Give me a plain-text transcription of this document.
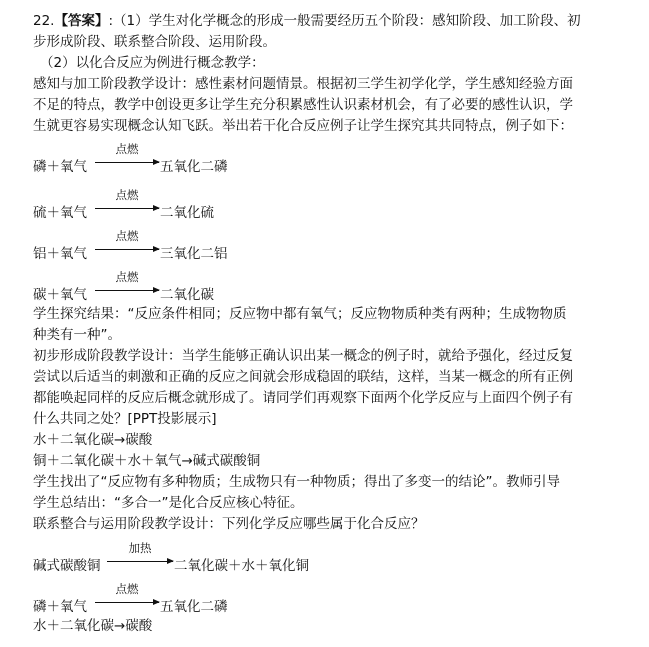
22.【答案】:（1）学生对化学概念的形成一般需要经历五个阶段：感知阶段、加工阶段、初
步形成阶段、联系整合阶段、运用阶段。
（2）以化合反应为例进行概念教学：
感知与加工阶段教学设计：感性素材问题情景。根据初三学生初学化学，学生感知经验方面
不足的特点，教学中创设更多让学生充分积累感性认识素材机会，有了必要的感性认识，学
生就更容易实现概念认知飞跃。举出若干化合反应例子让学生探究其共同特点，例子如下：
磷＋氧气
点燃
五氧化二磷
硫＋氧气
点燃
二氧化硫
铝＋氧气
点燃
三氧化二铝
碳＋氧气
点燃
二氧化碳
学生探究结果：“反应条件相同；反应物中都有氧气；反应物物质种类有两种；生成物物质
种类有一种”。
初步形成阶段教学设计：当学生能够正确认识出某一概念的例子时，就给予强化，经过反复
尝试以后适当的刺激和正确的反应之间就会形成稳固的联结，这样，当某一概念的所有正例
都能唤起同样的反应后概念就形成了。请同学们再观察下面两个化学反应与上面四个例子有
什么共同之处？[PPT投影展示]
水＋二氧化碳→碳酸
铜＋二氧化碳＋水＋氧气→碱式碳酸铜
学生找出了“反应物有多种物质；生成物只有一种物质；得出了多变一的结论”。教师引导
学生总结出：“多合一”是化合反应核心特征。
联系整合与运用阶段教学设计：下列化学反应哪些属于化合反应？
碱式碳酸铜
加热
二氧化碳＋水＋氧化铜
磷＋氧气
点燃
五氧化二磷
水＋二氧化碳→碳酸
